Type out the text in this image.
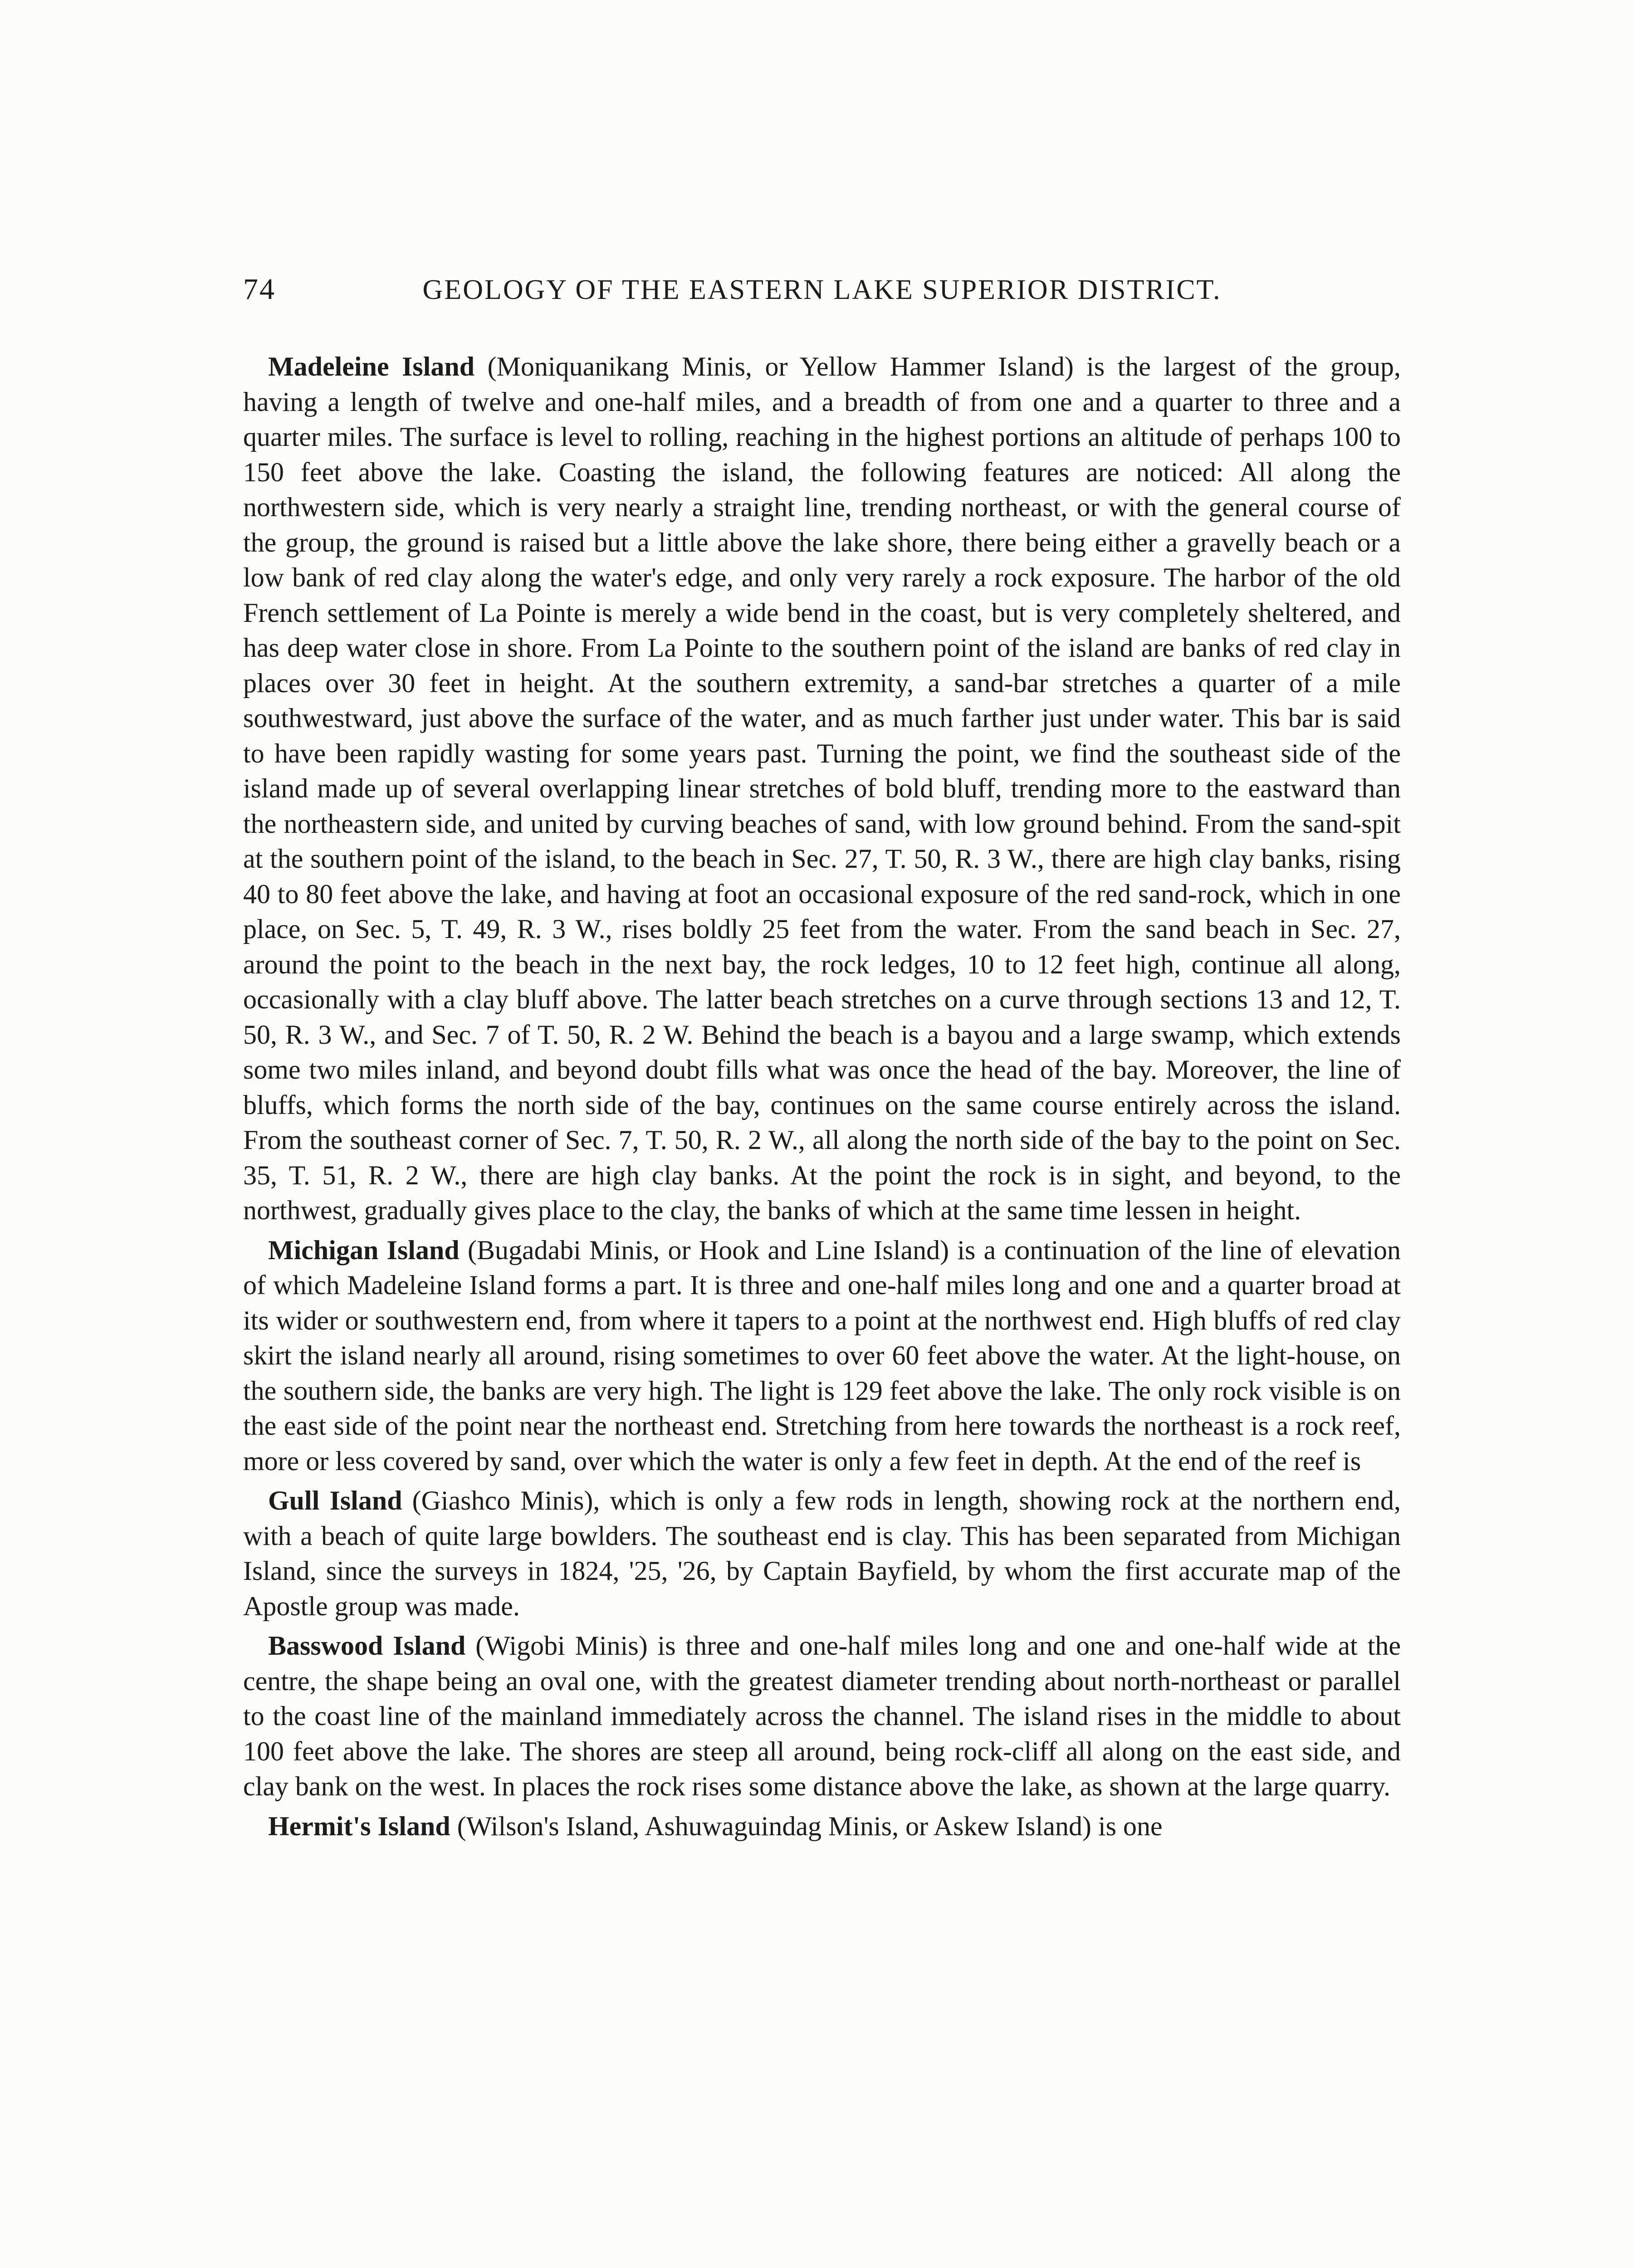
74	GEOLOGY OF THE EASTERN LAKE SUPERIOR DISTRICT.

Madeleine Island (Moniquanikang Minis, or Yellow Hammer Island) is the largest of the group, having a length of twelve and one-half miles, and a breadth of from one and a quarter to three and a quarter miles. The surface is level to rolling, reaching in the highest portions an altitude of perhaps 100 to 150 feet above the lake. Coasting the island, the following features are noticed: All along the northwestern side, which is very nearly a straight line, trending northeast, or with the general course of the group, the ground is raised but a little above the lake shore, there being either a gravelly beach or a low bank of red clay along the water's edge, and only very rarely a rock exposure. The harbor of the old French settlement of La Pointe is merely a wide bend in the coast, but is very completely sheltered, and has deep water close in shore. From La Pointe to the southern point of the island are banks of red clay in places over 30 feet in height. At the southern extremity, a sand-bar stretches a quarter of a mile southwestward, just above the surface of the water, and as much farther just under water. This bar is said to have been rapidly wasting for some years past. Turning the point, we find the southeast side of the island made up of several overlapping linear stretches of bold bluff, trending more to the eastward than the northeastern side, and united by curving beaches of sand, with low ground behind. From the sand-spit at the southern point of the island, to the beach in Sec. 27, T. 50, R. 3 W., there are high clay banks, rising 40 to 80 feet above the lake, and having at foot an occasional exposure of the red sand-rock, which in one place, on Sec. 5, T. 49, R. 3 W., rises boldly 25 feet from the water. From the sand beach in Sec. 27, around the point to the beach in the next bay, the rock ledges, 10 to 12 feet high, continue all along, occasionally with a clay bluff above. The latter beach stretches on a curve through sections 13 and 12, T. 50, R. 3 W., and Sec. 7 of T. 50, R. 2 W. Behind the beach is a bayou and a large swamp, which extends some two miles inland, and beyond doubt fills what was once the head of the bay. Moreover, the line of bluffs, which forms the north side of the bay, continues on the same course entirely across the island. From the southeast corner of Sec. 7, T. 50, R. 2 W., all along the north side of the bay to the point on Sec. 35, T. 51, R. 2 W., there are high clay banks. At the point the rock is in sight, and beyond, to the northwest, gradually gives place to the clay, the banks of which at the same time lessen in height.

Michigan Island (Bugadabi Minis, or Hook and Line Island) is a continuation of the line of elevation of which Madeleine Island forms a part. It is three and one-half miles long and one and a quarter broad at its wider or southwestern end, from where it tapers to a point at the northwest end. High bluffs of red clay skirt the island nearly all around, rising sometimes to over 60 feet above the water. At the light-house, on the southern side, the banks are very high. The light is 129 feet above the lake. The only rock visible is on the east side of the point near the northeast end. Stretching from here towards the northeast is a rock reef, more or less covered by sand, over which the water is only a few feet in depth. At the end of the reef is

Gull Island (Giashco Minis), which is only a few rods in length, showing rock at the northern end, with a beach of quite large bowlders. The southeast end is clay. This has been separated from Michigan Island, since the surveys in 1824, '25, '26, by Captain Bayfield, by whom the first accurate map of the Apostle group was made.

Basswood Island (Wigobi Minis) is three and one-half miles long and one and one-half wide at the centre, the shape being an oval one, with the greatest diameter trending about north-northeast or parallel to the coast line of the mainland immediately across the channel. The island rises in the middle to about 100 feet above the lake. The shores are steep all around, being rock-cliff all along on the east side, and clay bank on the west. In places the rock rises some distance above the lake, as shown at the large quarry.

Hermit's Island (Wilson's Island, Ashuwaguindag Minis, or Askew Island) is one
